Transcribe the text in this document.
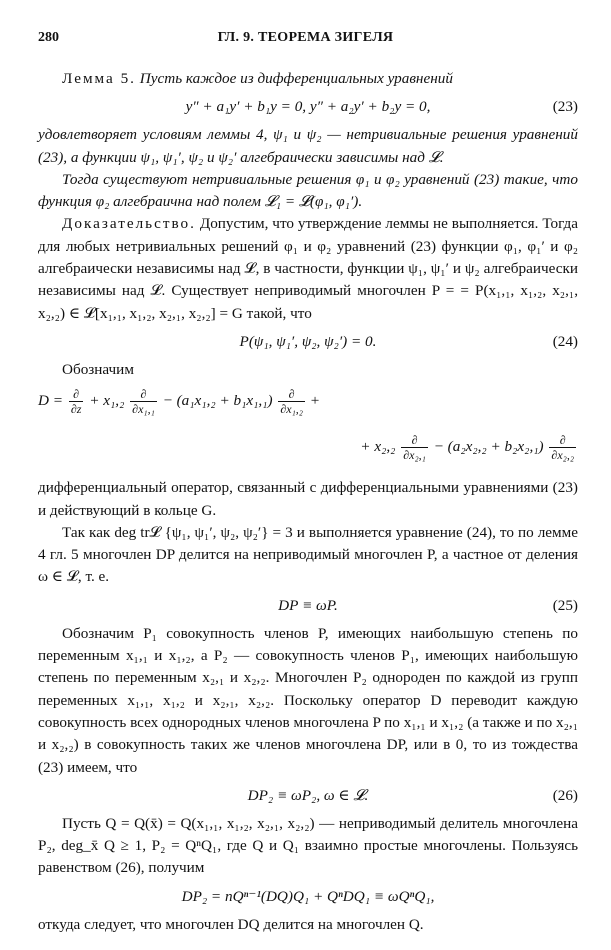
280	ГЛ. 9. ТЕОРЕМА ЗИГЕЛЯ

Лемма 5. Пусть каждое из дифференциальных уравнений

y″ + a₁y′ + b₁y = 0, y″ + a₂y′ + b₂y = 0,	(23)

удовлетворяет условиям леммы 4, ψ₁ и ψ₂ — нетривиальные решения уравнений (23), а функции ψ₁, ψ₁′, ψ₂ и ψ₂′ алгебраически зависимы над 𝓛.

Тогда существуют нетривиальные решения φ₁ и φ₂ уравнений (23) такие, что функция φ₂ алгебраична над полем 𝓛₁ = 𝓛(φ₁, φ₁′).

Доказательство. Допустим, что утверждение леммы не выполняется. Тогда для любых нетривиальных решений φ₁ и φ₂ уравнений (23) функции φ₁, φ₁′ и φ₂ алгебраически независимы над 𝓛, в частности, функции ψ₁, ψ₁′ и ψ₂ алгебраически независимы над 𝓛. Существует неприводимый многочлен P = = P(x₁,₁, x₁,₂, x₂,₁, x₂,₂) ∈ 𝓛[x₁,₁, x₁,₂, x₂,₁, x₂,₂] = G такой, что

P(ψ₁, ψ₁′, ψ₂, ψ₂′) = 0.	(24)

Обозначим

$D = \frac{\partial}{\partial z} + x_1,_2 \frac{\partial}{\text{∂x₁,₁}} - (a_1x_1,_2 + b_1x_1,_1) \frac{\partial}{\text{∂x₁,₂}}$ +
+ $x_2,_2 \frac{\partial}{\text{∂x₂,₁}} - (a_2x_2,_2 + b_2x_2,_1) \frac{\partial}{\text{∂x₂,₂}}$

дифференциальный оператор, связанный с дифференциальными уравнениями (23) и действующий в кольце G.

Так как deg tr𝓛 {ψ₁, ψ₁′, ψ₂, ψ₂′} = 3 и выполняется уравнение (24), то по лемме 4 гл. 5 многочлен DP делится на неприводимый многочлен P, а частное от деления ω ∈ 𝓛, т. е.

DP ≡ ωP.	(25)

Обозначим P₁ совокупность членов P, имеющих наибольшую степень по переменным x₁,₁ и x₁,₂, а P₂ — совокупность членов P₁, имеющих наибольшую степень по переменным x₂,₁ и x₂,₂. Многочлен P₂ однороден по каждой из групп переменных x₁,₁, x₁,₂ и x₂,₁, x₂,₂. Поскольку оператор D переводит каждую совокупность всех однородных членов многочлена P по x₁,₁ и x₁,₂ (а также и по x₂,₁ и x₂,₂) в совокупность таких же членов многочлена DP, или в 0, то из тождества (23) имеем, что

DP₂ ≡ ωP₂, ω ∈ 𝓛.	(26)

Пусть Q = Q(x̄) = Q(x₁,₁, x₁,₂, x₂,₁, x₂,₂) — неприводимый делитель многочлена P₂, deg_x̄ Q ≥ 1, P₂ = QⁿQ₁, где Q и Q₁ взаимно простые многочлены. Пользуясь равенством (26), получим

DP₂ = nQⁿ⁻¹(DQ)Q₁ + QⁿDQ₁ ≡ ωQⁿQ₁,

откуда следует, что многочлен DQ делится на многочлен Q.
